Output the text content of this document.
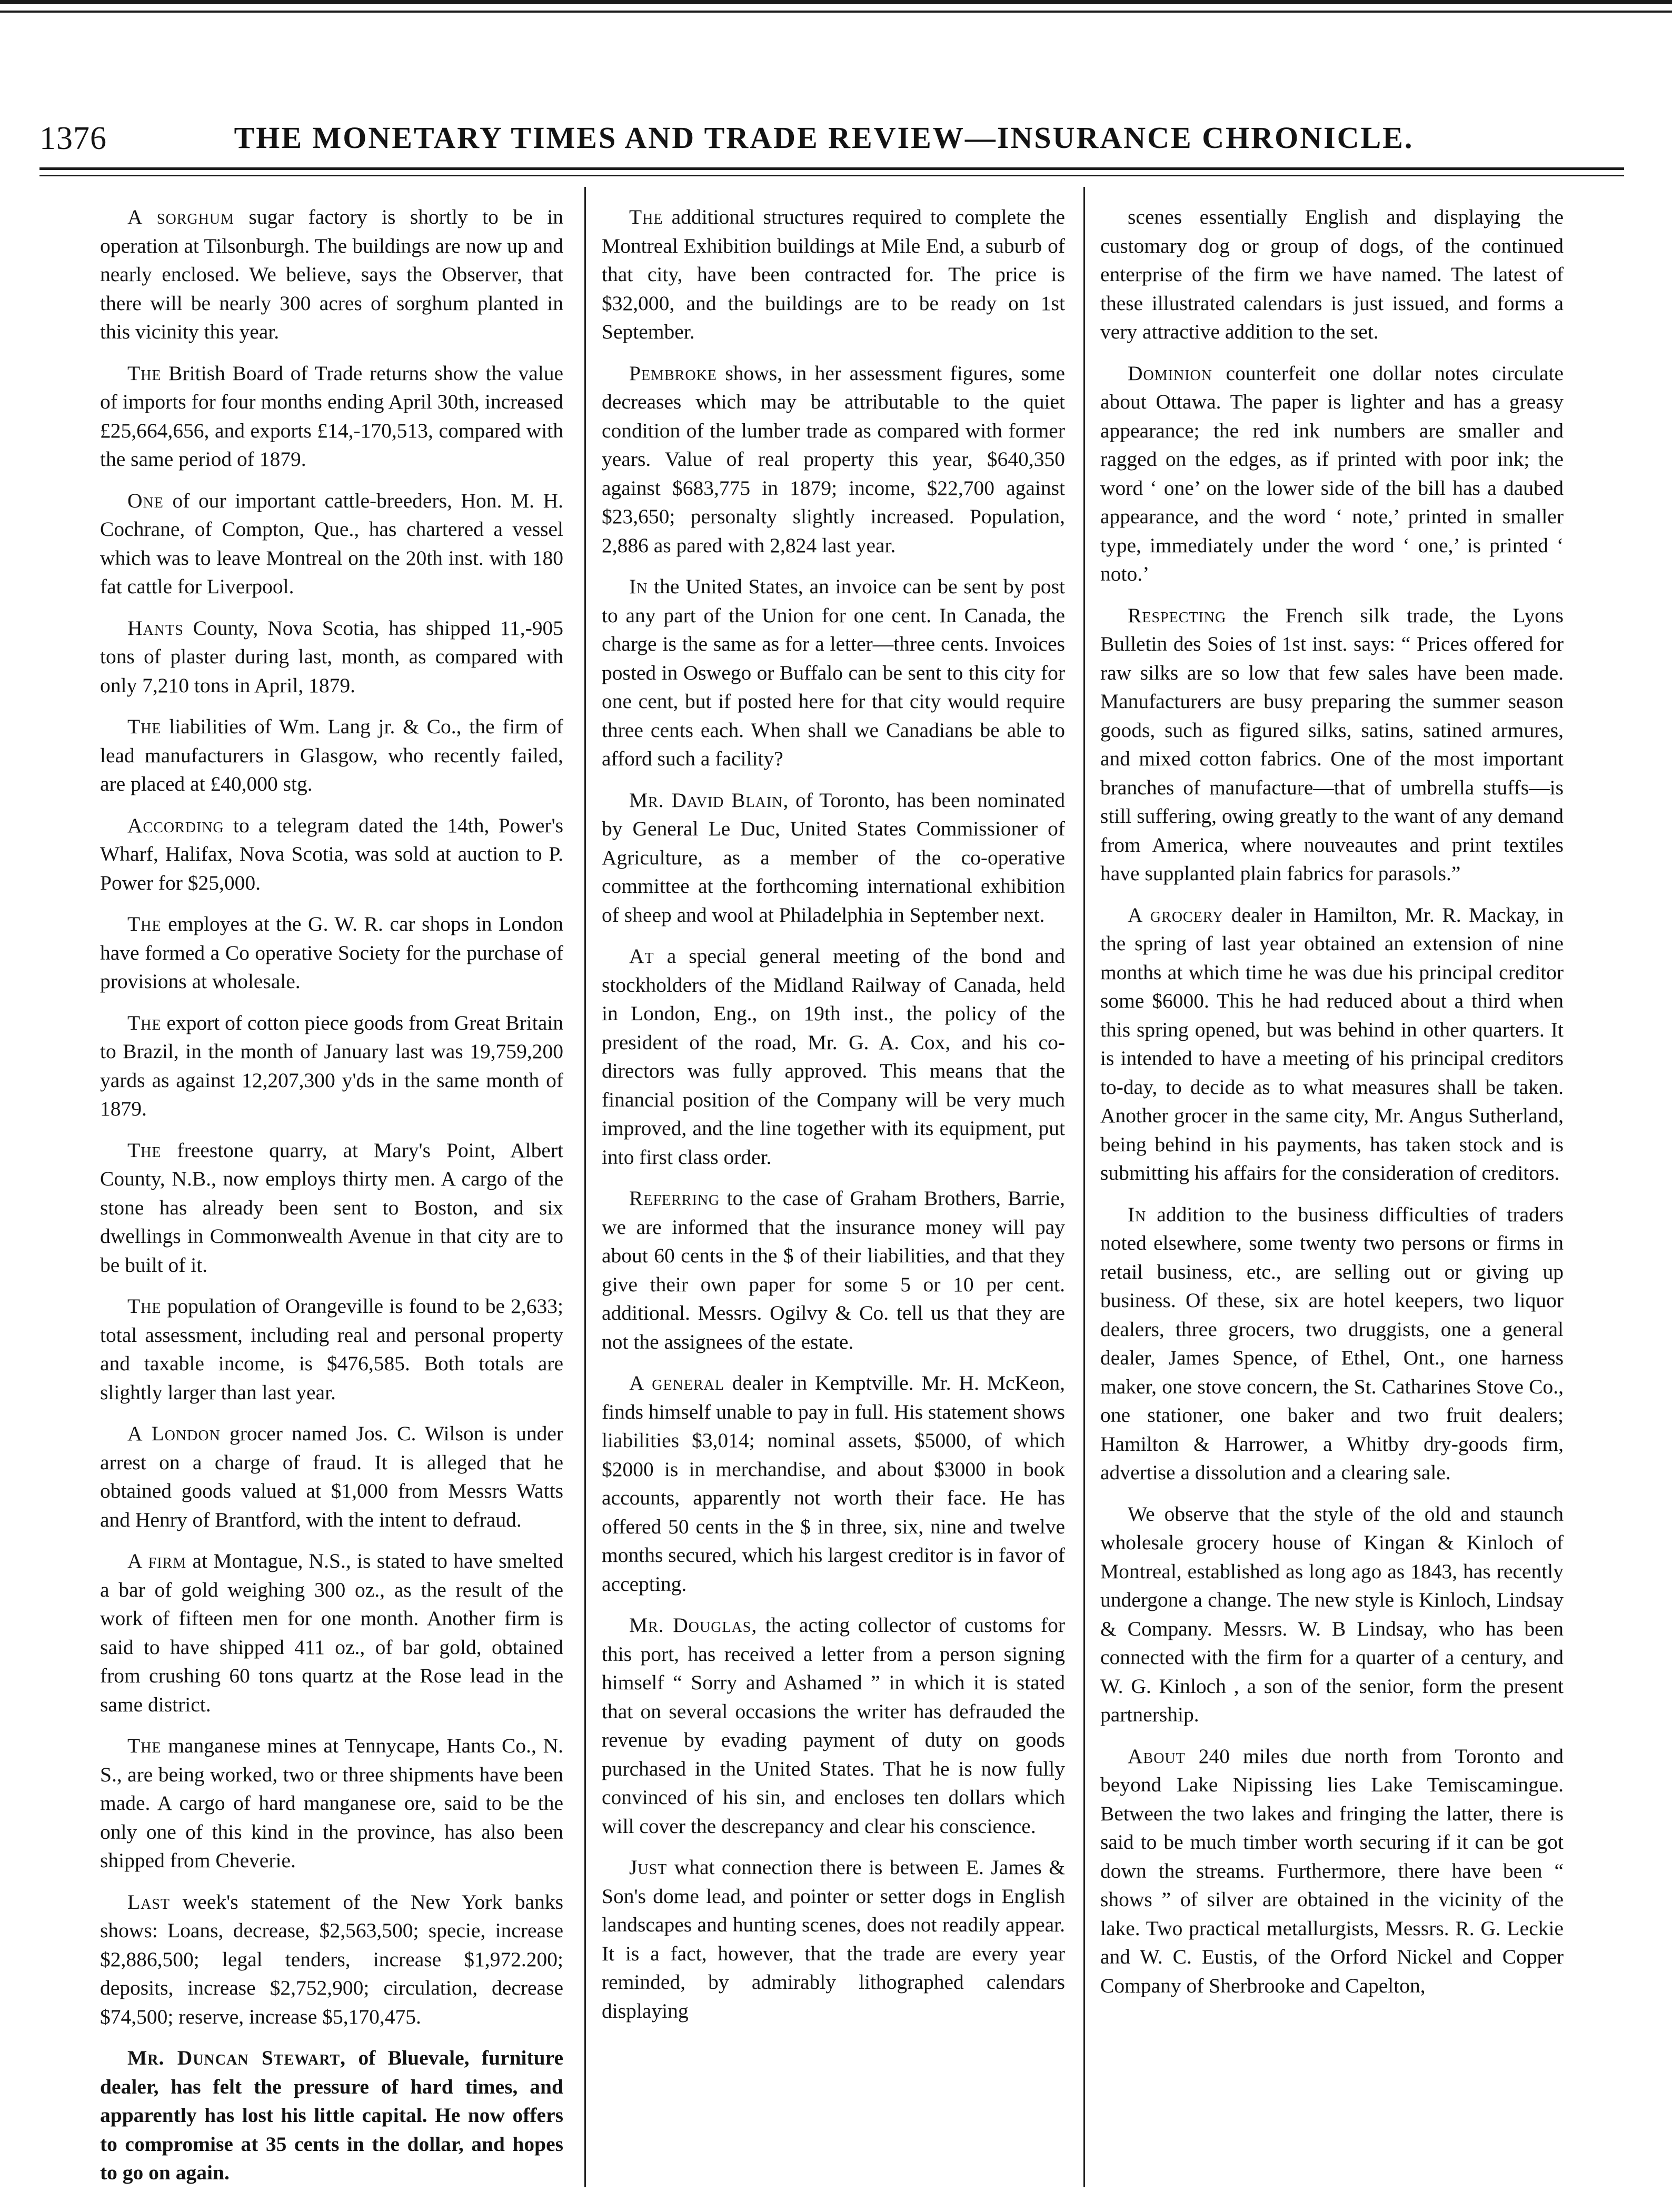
1376	THE MONETARY TIMES AND TRADE REVIEW—INSURANCE CHRONICLE.

A sorghum sugar factory is shortly to be in operation at Tilsonburgh. The buildings are now up and nearly enclosed. We believe, says the Observer, that there will be nearly 300 acres of sorghum planted in this vicinity this year.

The British Board of Trade returns show the value of imports for four months ending April 30th, increased £25,664,656, and exports £14,-170,513, compared with the same period of 1879.

One of our important cattle-breeders, Hon. M. H. Cochrane, of Compton, Que., has chartered a vessel which was to leave Montreal on the 20th inst. with 180 fat cattle for Liverpool.

Hants County, Nova Scotia, has shipped 11,-905 tons of plaster during last, month, as compared with only 7,210 tons in April, 1879.

The liabilities of Wm. Lang jr. & Co., the firm of lead manufacturers in Glasgow, who recently failed, are placed at £40,000 stg.

According to a telegram dated the 14th, Power's Wharf, Halifax, Nova Scotia, was sold at auction to P. Power for $25,000.

The employes at the G. W. R. car shops in London have formed a Co operative Society for the purchase of provisions at wholesale.

The export of cotton piece goods from Great Britain to Brazil, in the month of January last was 19,759,200 yards as against 12,207,300 y'ds in the same month of 1879.

The freestone quarry, at Mary's Point, Albert County, N.B., now employs thirty men. A cargo of the stone has already been sent to Boston, and six dwellings in Commonwealth Avenue in that city are to be built of it.

The population of Orangeville is found to be 2,633; total assessment, including real and personal property and taxable income, is $476,585. Both totals are slightly larger than last year.

A London grocer named Jos. C. Wilson is under arrest on a charge of fraud. It is alleged that he obtained goods valued at $1,000 from Messrs Watts and Henry of Brantford, with the intent to defraud.

A firm at Montague, N.S., is stated to have smelted a bar of gold weighing 300 oz., as the result of the work of fifteen men for one month. Another firm is said to have shipped 411 oz., of bar gold, obtained from crushing 60 tons quartz at the Rose lead in the same district.

The manganese mines at Tennycape, Hants Co., N. S., are being worked, two or three shipments have been made. A cargo of hard manganese ore, said to be the only one of this kind in the province, has also been shipped from Cheverie.

Last week's statement of the New York banks shows: Loans, decrease, $2,563,500; specie, increase $2,886,500; legal tenders, increase $1,972.200; deposits, increase $2,752,900; circulation, decrease $74,500; reserve, increase $5,170,475.

Mr. Duncan Stewart, of Bluevale, furniture dealer, has felt the pressure of hard times, and apparently has lost his little capital. He now offers to compromise at 35 cents in the dollar, and hopes to go on again.

The additional structures required to complete the Montreal Exhibition buildings at Mile End, a suburb of that city, have been contracted for. The price is $32,000, and the buildings are to be ready on 1st September.

Pembroke shows, in her assessment figures, some decreases which may be attributable to the quiet condition of the lumber trade as compared with former years. Value of real property this year, $640,350 against $683,775 in 1879; income, $22,700 against $23,650; personalty slightly increased. Population, 2,886 as pared with 2,824 last year.

In the United States, an invoice can be sent by post to any part of the Union for one cent. In Canada, the charge is the same as for a letter—three cents. Invoices posted in Oswego or Buffalo can be sent to this city for one cent, but if posted here for that city would require three cents each. When shall we Canadians be able to afford such a facility?

Mr. David Blain, of Toronto, has been nominated by General Le Duc, United States Commissioner of Agriculture, as a member of the co-operative committee at the forthcoming international exhibition of sheep and wool at Philadelphia in September next.

At a special general meeting of the bond and stockholders of the Midland Railway of Canada, held in London, Eng., on 19th inst., the policy of the president of the road, Mr. G. A. Cox, and his co-directors was fully approved. This means that the financial position of the Company will be very much improved, and the line together with its equipment, put into first class order.

Referring to the case of Graham Brothers, Barrie, we are informed that the insurance money will pay about 60 cents in the $ of their liabilities, and that they give their own paper for some 5 or 10 per cent. additional. Messrs. Ogilvy & Co. tell us that they are not the assignees of the estate.

A general dealer in Kemptville. Mr. H. McKeon, finds himself unable to pay in full. His statement shows liabilities $3,014; nominal assets, $5000, of which $2000 is in merchandise, and about $3000 in book accounts, apparently not worth their face. He has offered 50 cents in the $ in three, six, nine and twelve months secured, which his largest creditor is in favor of accepting.

Mr. Douglas, the acting collector of customs for this port, has received a letter from a person signing himself “ Sorry and Ashamed ” in which it is stated that on several occasions the writer has defrauded the revenue by evading payment of duty on goods purchased in the United States. That he is now fully convinced of his sin, and encloses ten dollars which will cover the descrepancy and clear his conscience.

Just what connection there is between E. James & Son's dome lead, and pointer or setter dogs in English landscapes and hunting scenes, does not readily appear. It is a fact, however, that the trade are every year reminded, by admirably lithographed calendars displaying

scenes essentially English and displaying the customary dog or group of dogs, of the continued enterprise of the firm we have named. The latest of these illustrated calendars is just issued, and forms a very attractive addition to the set.

Dominion counterfeit one dollar notes circulate about Ottawa. The paper is lighter and has a greasy appearance; the red ink numbers are smaller and ragged on the edges, as if printed with poor ink; the word ‘ one’ on the lower side of the bill has a daubed appearance, and the word ‘ note,’ printed in smaller type, immediately under the word ‘ one,’ is printed ‘ noto.’

Respecting the French silk trade, the Lyons Bulletin des Soies of 1st inst. says: “ Prices offered for raw silks are so low that few sales have been made. Manufacturers are busy preparing the summer season goods, such as figured silks, satins, satined armures, and mixed cotton fabrics. One of the most important branches of manufacture—that of umbrella stuffs—is still suffering, owing greatly to the want of any demand from America, where nouveautes and print textiles have supplanted plain fabrics for parasols.”

A grocery dealer in Hamilton, Mr. R. Mackay, in the spring of last year obtained an extension of nine months at which time he was due his principal creditor some $6000. This he had reduced about a third when this spring opened, but was behind in other quarters. It is intended to have a meeting of his principal creditors to-day, to decide as to what measures shall be taken. Another grocer in the same city, Mr. Angus Sutherland, being behind in his payments, has taken stock and is submitting his affairs for the consideration of creditors.

In addition to the business difficulties of traders noted elsewhere, some twenty two persons or firms in retail business, etc., are selling out or giving up business. Of these, six are hotel keepers, two liquor dealers, three grocers, two druggists, one a general dealer, James Spence, of Ethel, Ont., one harness maker, one stove concern, the St. Catharines Stove Co., one stationer, one baker and two fruit dealers; Hamilton & Harrower, a Whitby dry-goods firm, advertise a dissolution and a clearing sale.

We observe that the style of the old and staunch wholesale grocery house of Kingan & Kinloch of Montreal, established as long ago as 1843, has recently undergone a change. The new style is Kinloch, Lindsay & Company. Messrs. W. B Lindsay, who has been connected with the firm for a quarter of a century, and W. G. Kinloch , a son of the senior, form the present partnership.

About 240 miles due north from Toronto and beyond Lake Nipissing lies Lake Temiscamingue. Between the two lakes and fringing the latter, there is said to be much timber worth securing if it can be got down the streams. Furthermore, there have been “ shows ” of silver are obtained in the vicinity of the lake. Two practical metallurgists, Messrs. R. G. Leckie and W. C. Eustis, of the Orford Nickel and Copper Company of Sherbrooke and Capelton,
